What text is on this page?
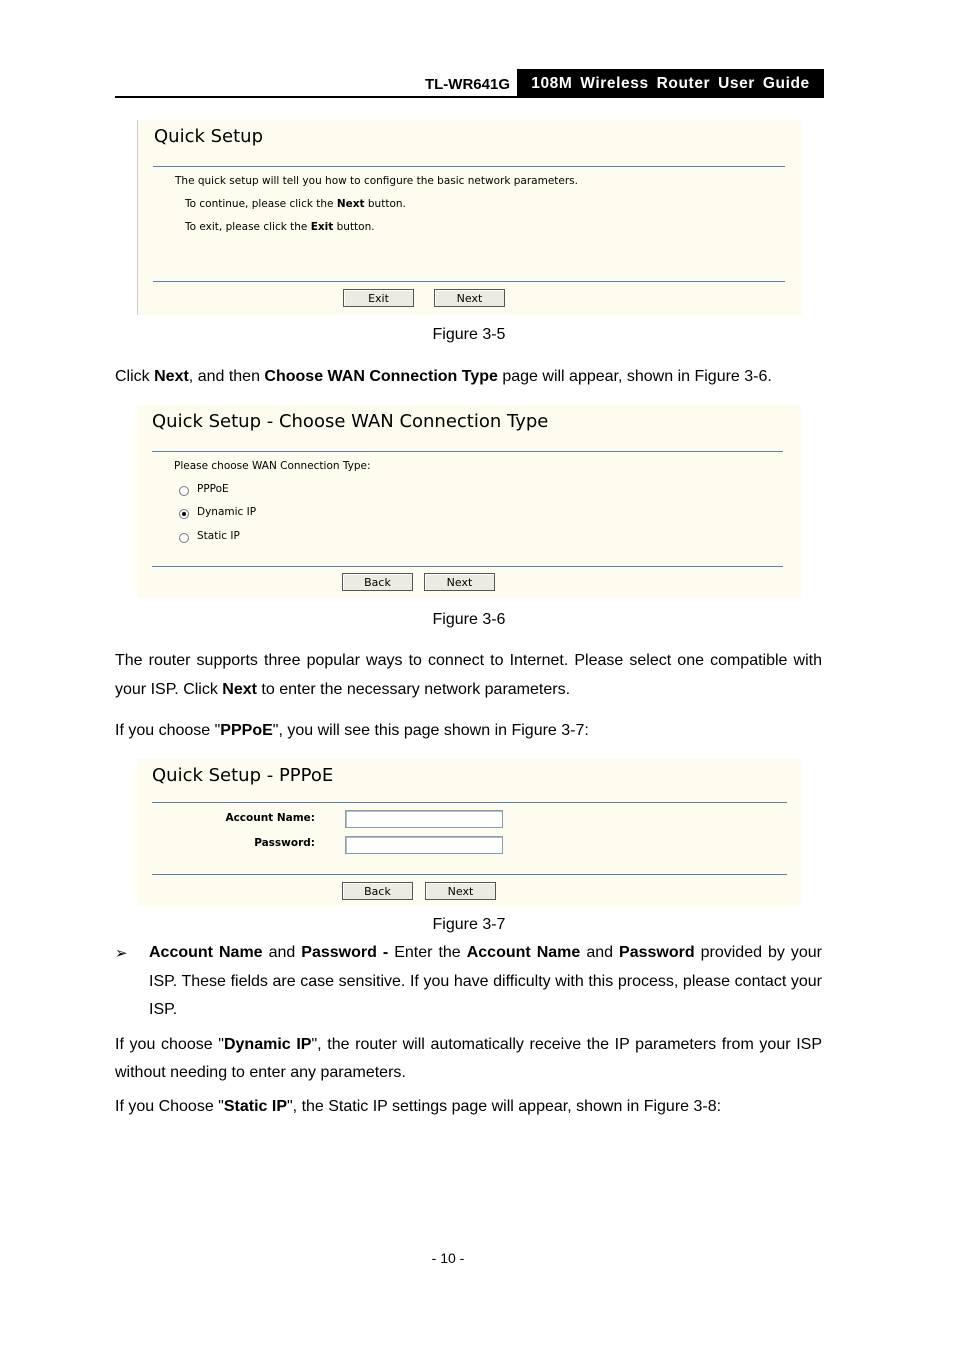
TL-WR641G	108M Wireless Router User Guide
Quick Setup
The quick setup will tell you how to configure the basic network parameters.
To continue, please click the Next button.
To exit, please click the Exit button.
Exit	Next
Figure 3-5
Click Next, and then Choose WAN Connection Type page will appear, shown in Figure 3-6.
Quick Setup - Choose WAN Connection Type
Please choose WAN Connection Type:
PPPoE
Dynamic IP
Static IP
Back	Next
Figure 3-6
The router supports three popular ways to connect to Internet. Please select one compatible with your ISP. Click Next to enter the necessary network parameters.
If you choose "PPPoE", you will see this page shown in Figure 3-7:
Quick Setup - PPPoE
Account Name:
Password:
Back	Next
Figure 3-7
➢ Account Name and Password - Enter the Account Name and Password provided by your ISP. These fields are case sensitive. If you have difficulty with this process, please contact your ISP.
If you choose "Dynamic IP", the router will automatically receive the IP parameters from your ISP without needing to enter any parameters.
If you Choose "Static IP", the Static IP settings page will appear, shown in Figure 3-8:
- 10 -
